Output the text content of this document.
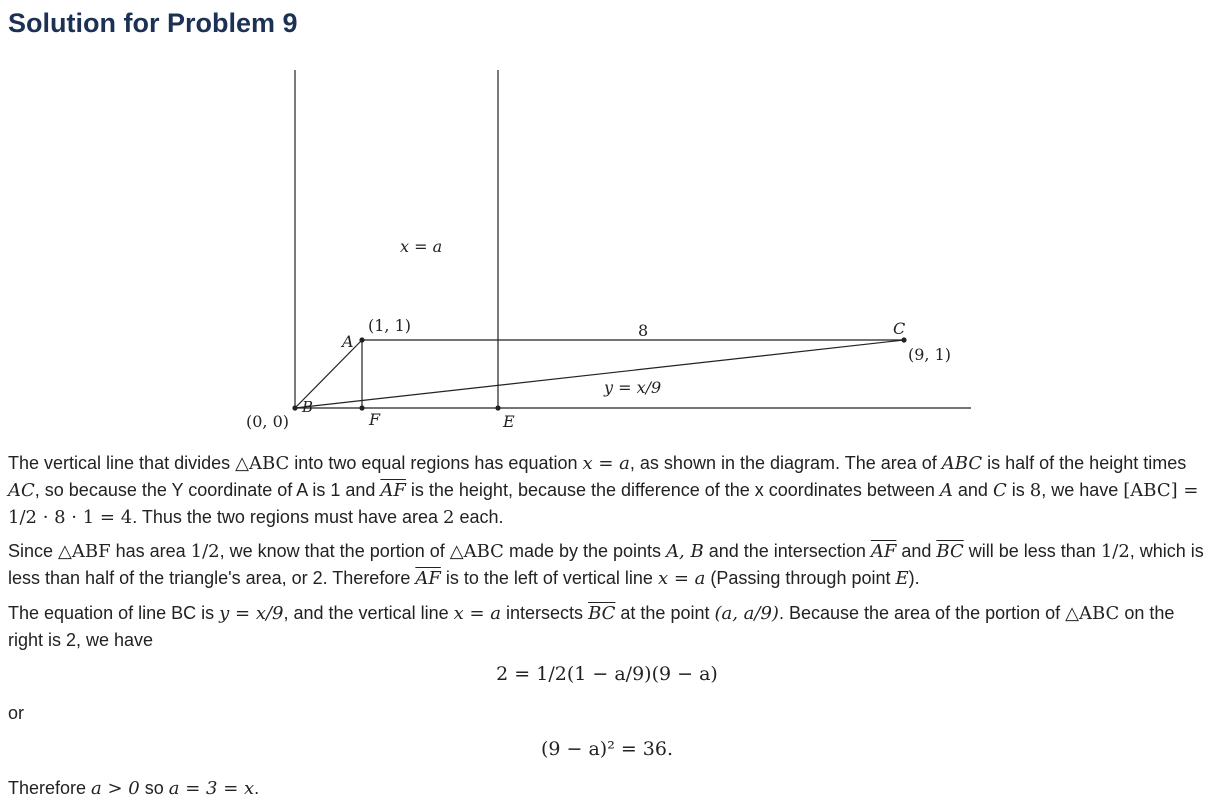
Solution for Problem 9
x = a
A
(1, 1)	8	C
(9, 1)
y = x/9
B
(0, 0)	F	E

The vertical line that divides △ABC into two equal regions has equation x = a, as shown in the diagram. The area of ABC is half of the height times AC, so because the Y coordinate of A is 1 and $\overline{AF}$ is the height, because the difference of the x coordinates between A and C is 8, we have [ABC] = 1/2 · 8 · 1 = 4. Thus the two regions must have area 2 each.

Since △ABF has area 1/2, we know that the portion of △ABC made by the points A, B and the intersection $\overline{AF}$ and $\overline{BC}$ will be less than 1/2, which is less than half of the triangle's area, or 2. Therefore $\overline{AF}$ is to the left of vertical line x = a (Passing through point E).

The equation of line BC is y = x/9, and the vertical line x = a intersects $\overline{BC}$ at the point (a, a/9). Because the area of the portion of △ABC on the right is 2, we have

2 = 1/2(1 − a/9)(9 − a)

or

(9 − a)² = 36.

Therefore a > 0 so a = 3 = x.
